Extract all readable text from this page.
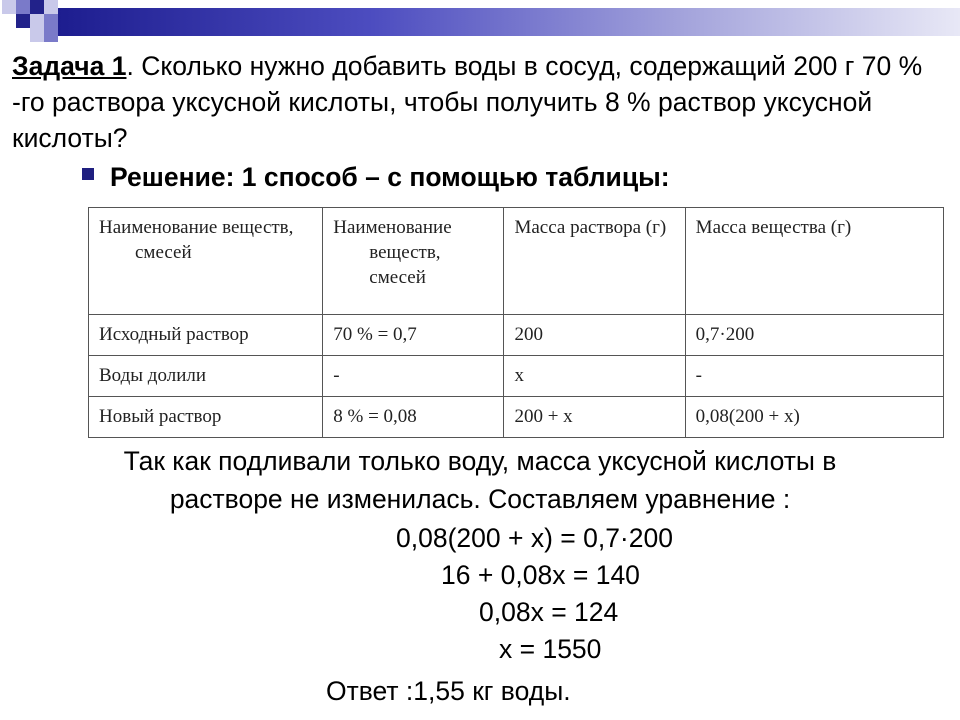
Задача 1. Сколько нужно добавить воды в сосуд, содержащий 200 г 70 % -го раствора уксусной кислоты, чтобы получить 8 % раствор уксусной кислоты?

Решение: 1 способ – с помощью таблицы:
Наименование веществ, смесей	Наименование веществ, смесей	Масса раствора (г)	Масса вещества (г)
Исходный раствор	70 % = 0,7	200	0,7·200
Воды долили	-	х	-
Новый раствор	8 % = 0,08	200 + х	0,08(200 + х)
Так как подливали только воду, масса уксусной кислоты в
растворе не изменилась. Составляем уравнение :
0,08(200 + х) = 0,7·200
16 + 0,08х = 140
0,08х = 124
х = 1550
Ответ :1,55 кг воды.
